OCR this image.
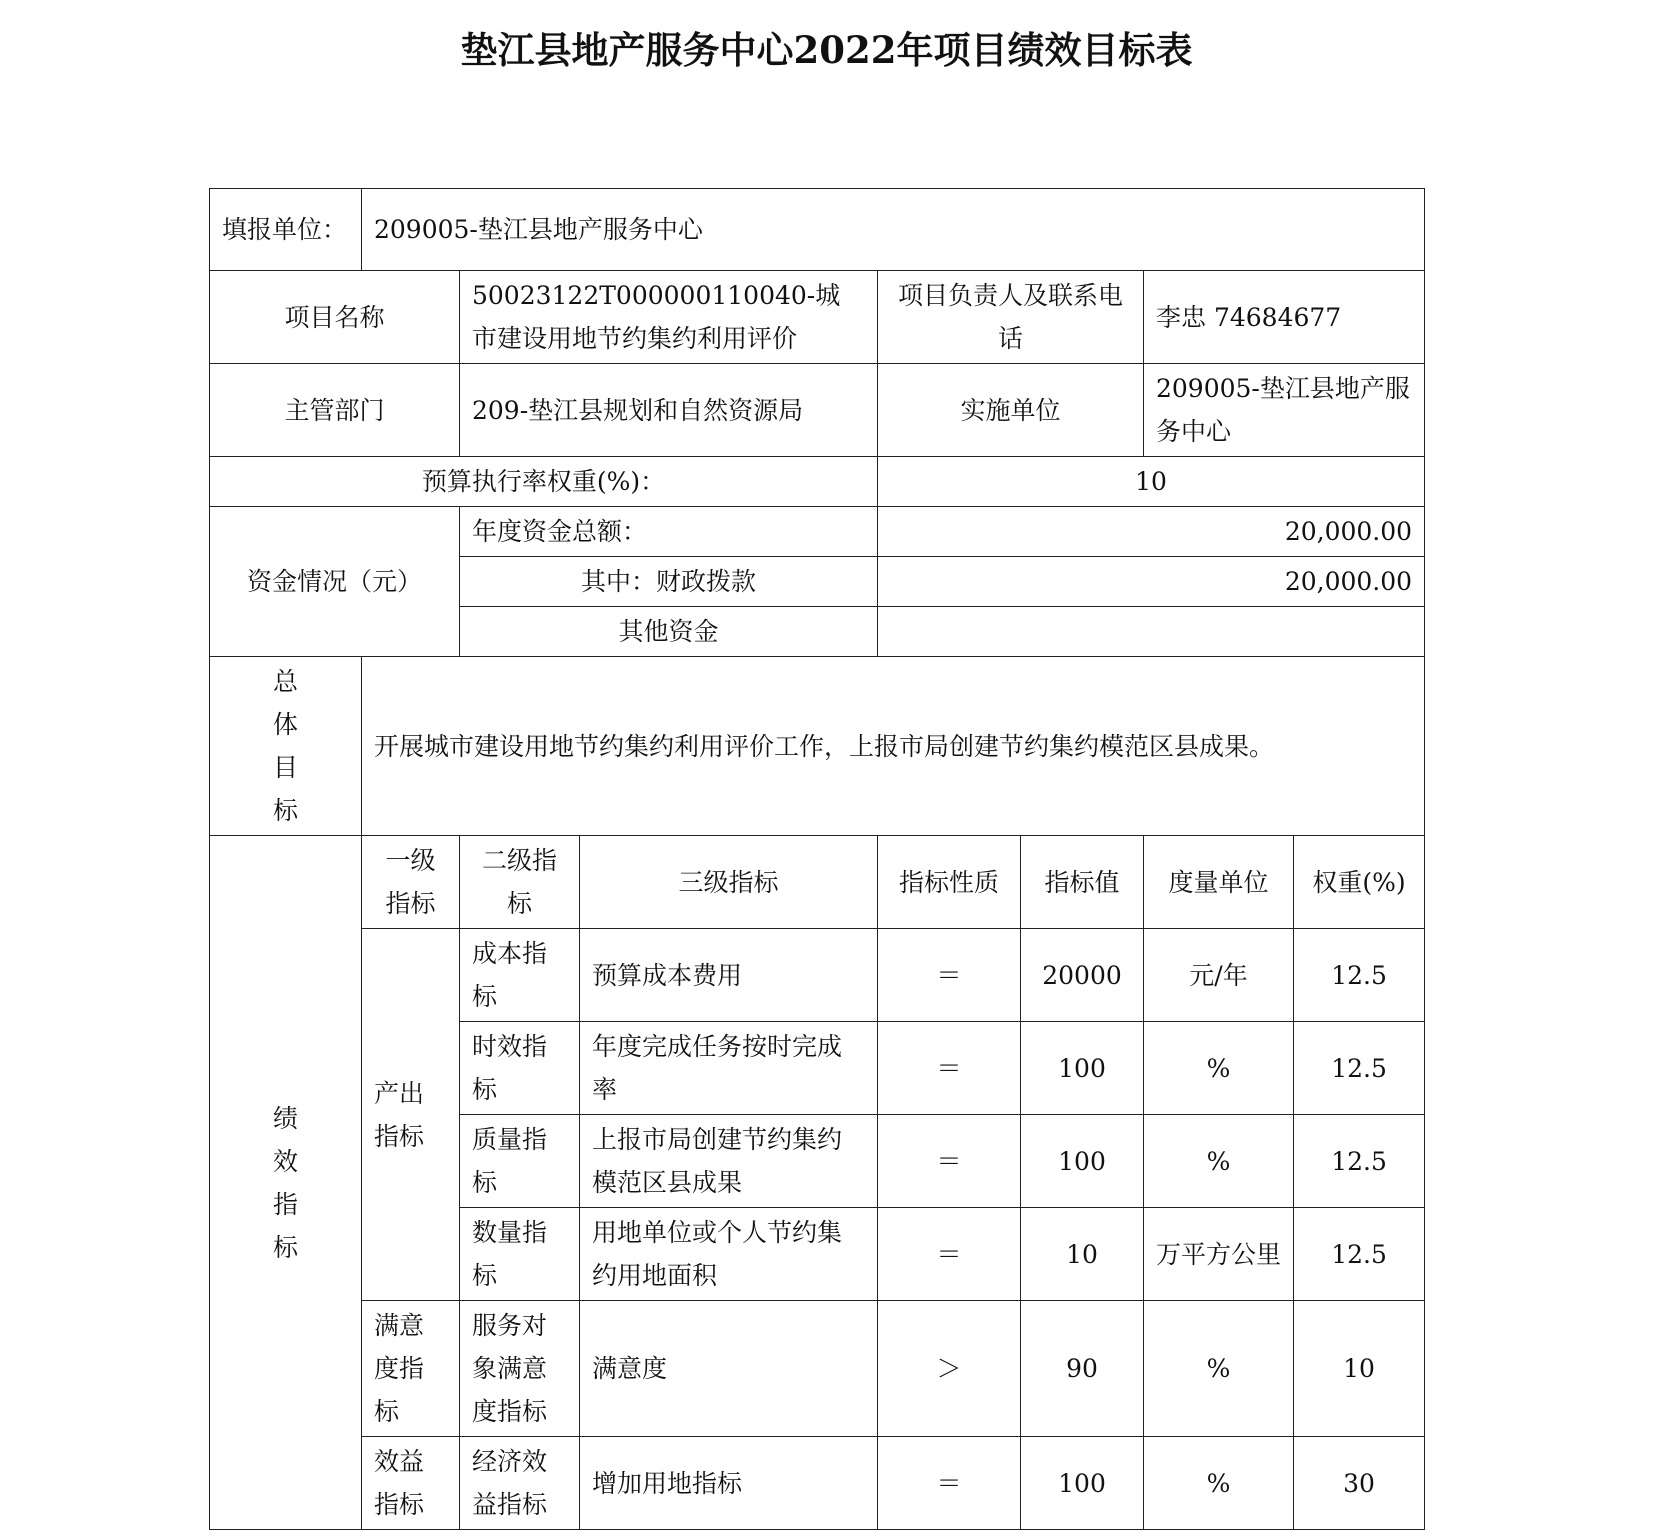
垫江县地产服务中心2022年项目绩效目标表
填报单位：	209005-垫江县地产服务中心						
项目名称		50023122T000000110040-城市建设用地节约集约利用评价		项目负责人及联系电话		李忠 74684677	
主管部门		209-垫江县规划和自然资源局		实施单位		209005-垫江县地产服务中心	
预算执行率权重(%)：				10			
资金情况（元）		年度资金总额：		20,000.00			
		其中：财政拨款		20,000.00			
		其他资金					

总
体
目
标	开展城市建设用地节约集约利用评价工作，上报市局创建节约集约模范区县成果。						

绩
效
指
标	一级指标	二级指标	三级指标	指标性质	指标值	度量单位	权重(%)
	产出指标	成本指标	预算成本费用	＝	20000	元/年	12.5
		时效指标	年度完成任务按时完成率	＝	100	%	12.5
		质量指标	上报市局创建节约集约模范区县成果	＝	100	%	12.5
		数量指标	用地单位或个人节约集约用地面积	＝	10	万平方公里	12.5
	满意度指标	服务对象满意度指标	满意度	＞	90	%	10
	效益指标	经济效益指标	增加用地指标	＝	100	%	30
